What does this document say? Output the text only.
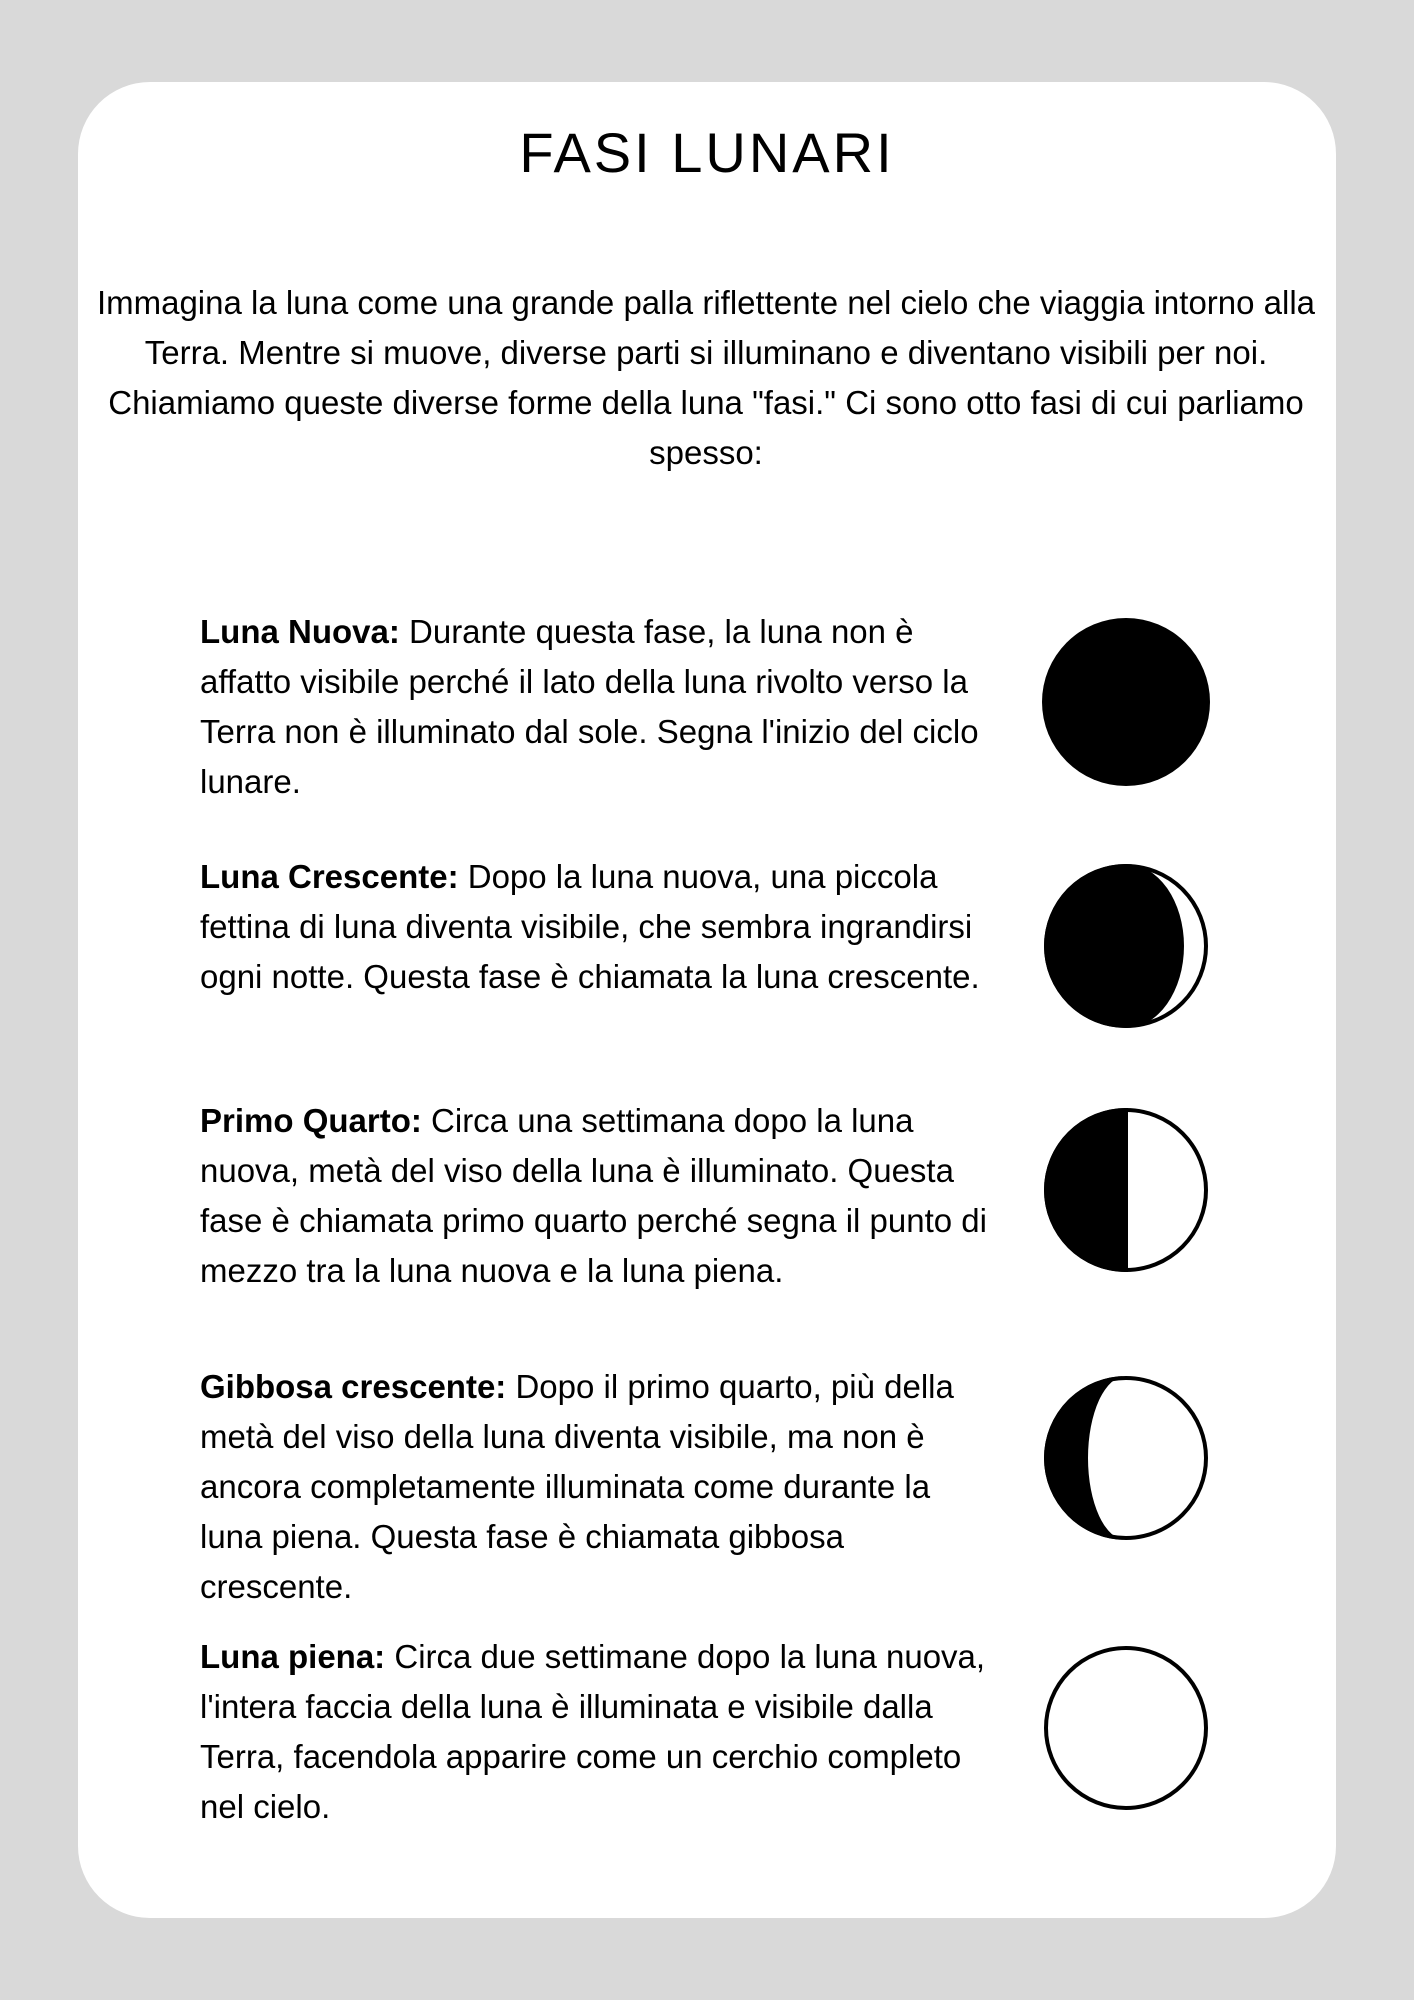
FASI LUNARI

Immagina la luna come una grande palla riflettente nel cielo che viaggia intorno alla Terra. Mentre si muove, diverse parti si illuminano e diventano visibili per noi. Chiamiamo queste diverse forme della luna "fasi." Ci sono otto fasi di cui parliamo spesso:

Luna Nuova: Durante questa fase, la luna non è affatto visibile perché il lato della luna rivolto verso la Terra non è illuminato dal sole. Segna l'inizio del ciclo lunare.

Luna Crescente: Dopo la luna nuova, una piccola fettina di luna diventa visibile, che sembra ingrandirsi ogni notte. Questa fase è chiamata la luna crescente.

Primo Quarto: Circa una settimana dopo la luna nuova, metà del viso della luna è illuminato. Questa fase è chiamata primo quarto perché segna il punto di mezzo tra la luna nuova e la luna piena.

Gibbosa crescente: Dopo il primo quarto, più della metà del viso della luna diventa visibile, ma non è ancora completamente illuminata come durante la luna piena. Questa fase è chiamata gibbosa crescente.

Luna piena: Circa due settimane dopo la luna nuova, l'intera faccia della luna è illuminata e visibile dalla Terra, facendola apparire come un cerchio completo nel cielo.
